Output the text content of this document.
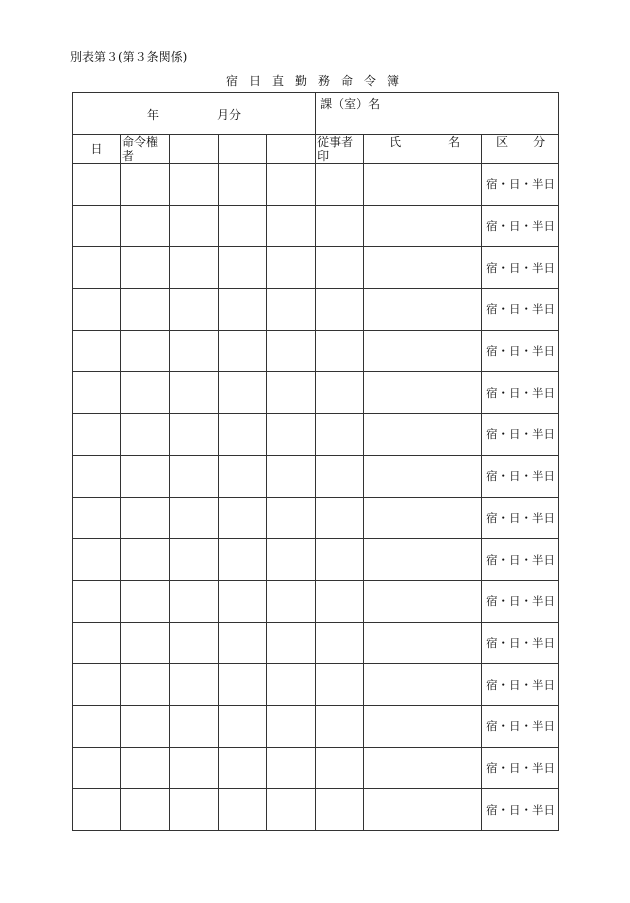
別表第３(第３条関係)
宿 日 直 勤 務 命 令 簿
年 月分					課（室）名		
日	命令権者				従事者印	氏 名	区 分

							宿・日・半日
							宿・日・半日
							宿・日・半日
							宿・日・半日
							宿・日・半日
							宿・日・半日
							宿・日・半日
							宿・日・半日
							宿・日・半日
							宿・日・半日
							宿・日・半日
							宿・日・半日
							宿・日・半日
							宿・日・半日
							宿・日・半日
							宿・日・半日
